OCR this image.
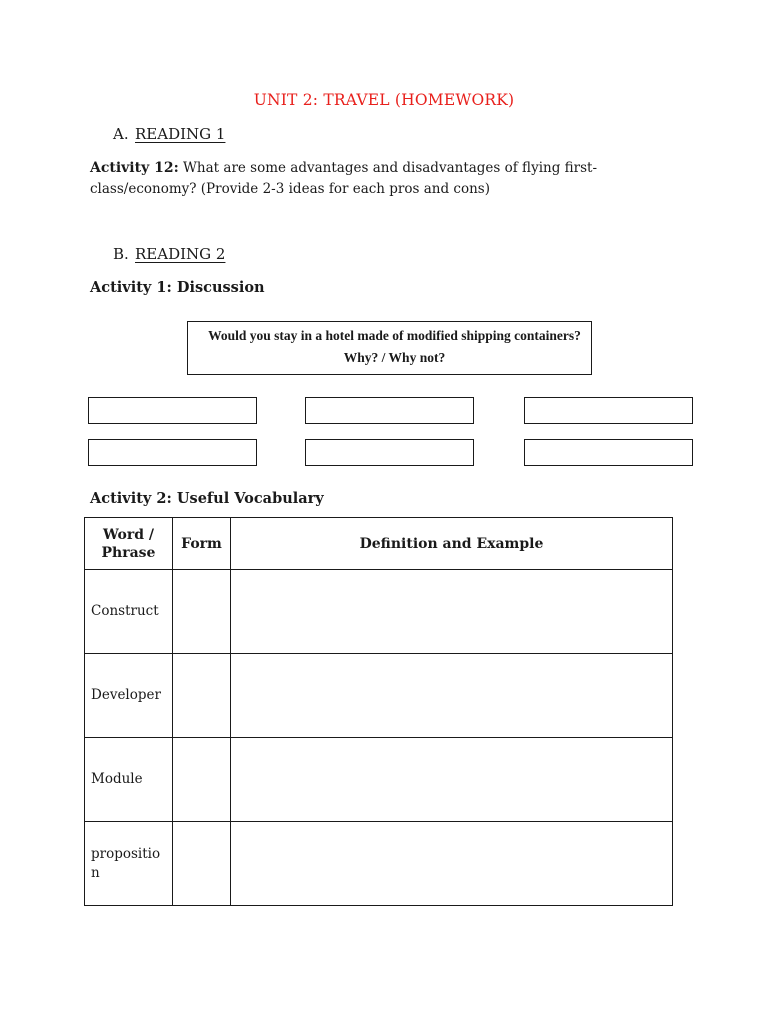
UNIT 2: TRAVEL (HOMEWORK)
A. READING 1
Activity 12: What are some advantages and disadvantages of flying first-class/economy? (Provide 2-3 ideas for each pros and cons)
B. READING 2
Activity 1: Discussion
Would you stay in a hotel made of modified shipping containers? Why? / Why not?
Activity 2: Useful Vocabulary
Word / Phrase	Form	Definition and Example
Construct		
Developer		
Module		
proposition		
